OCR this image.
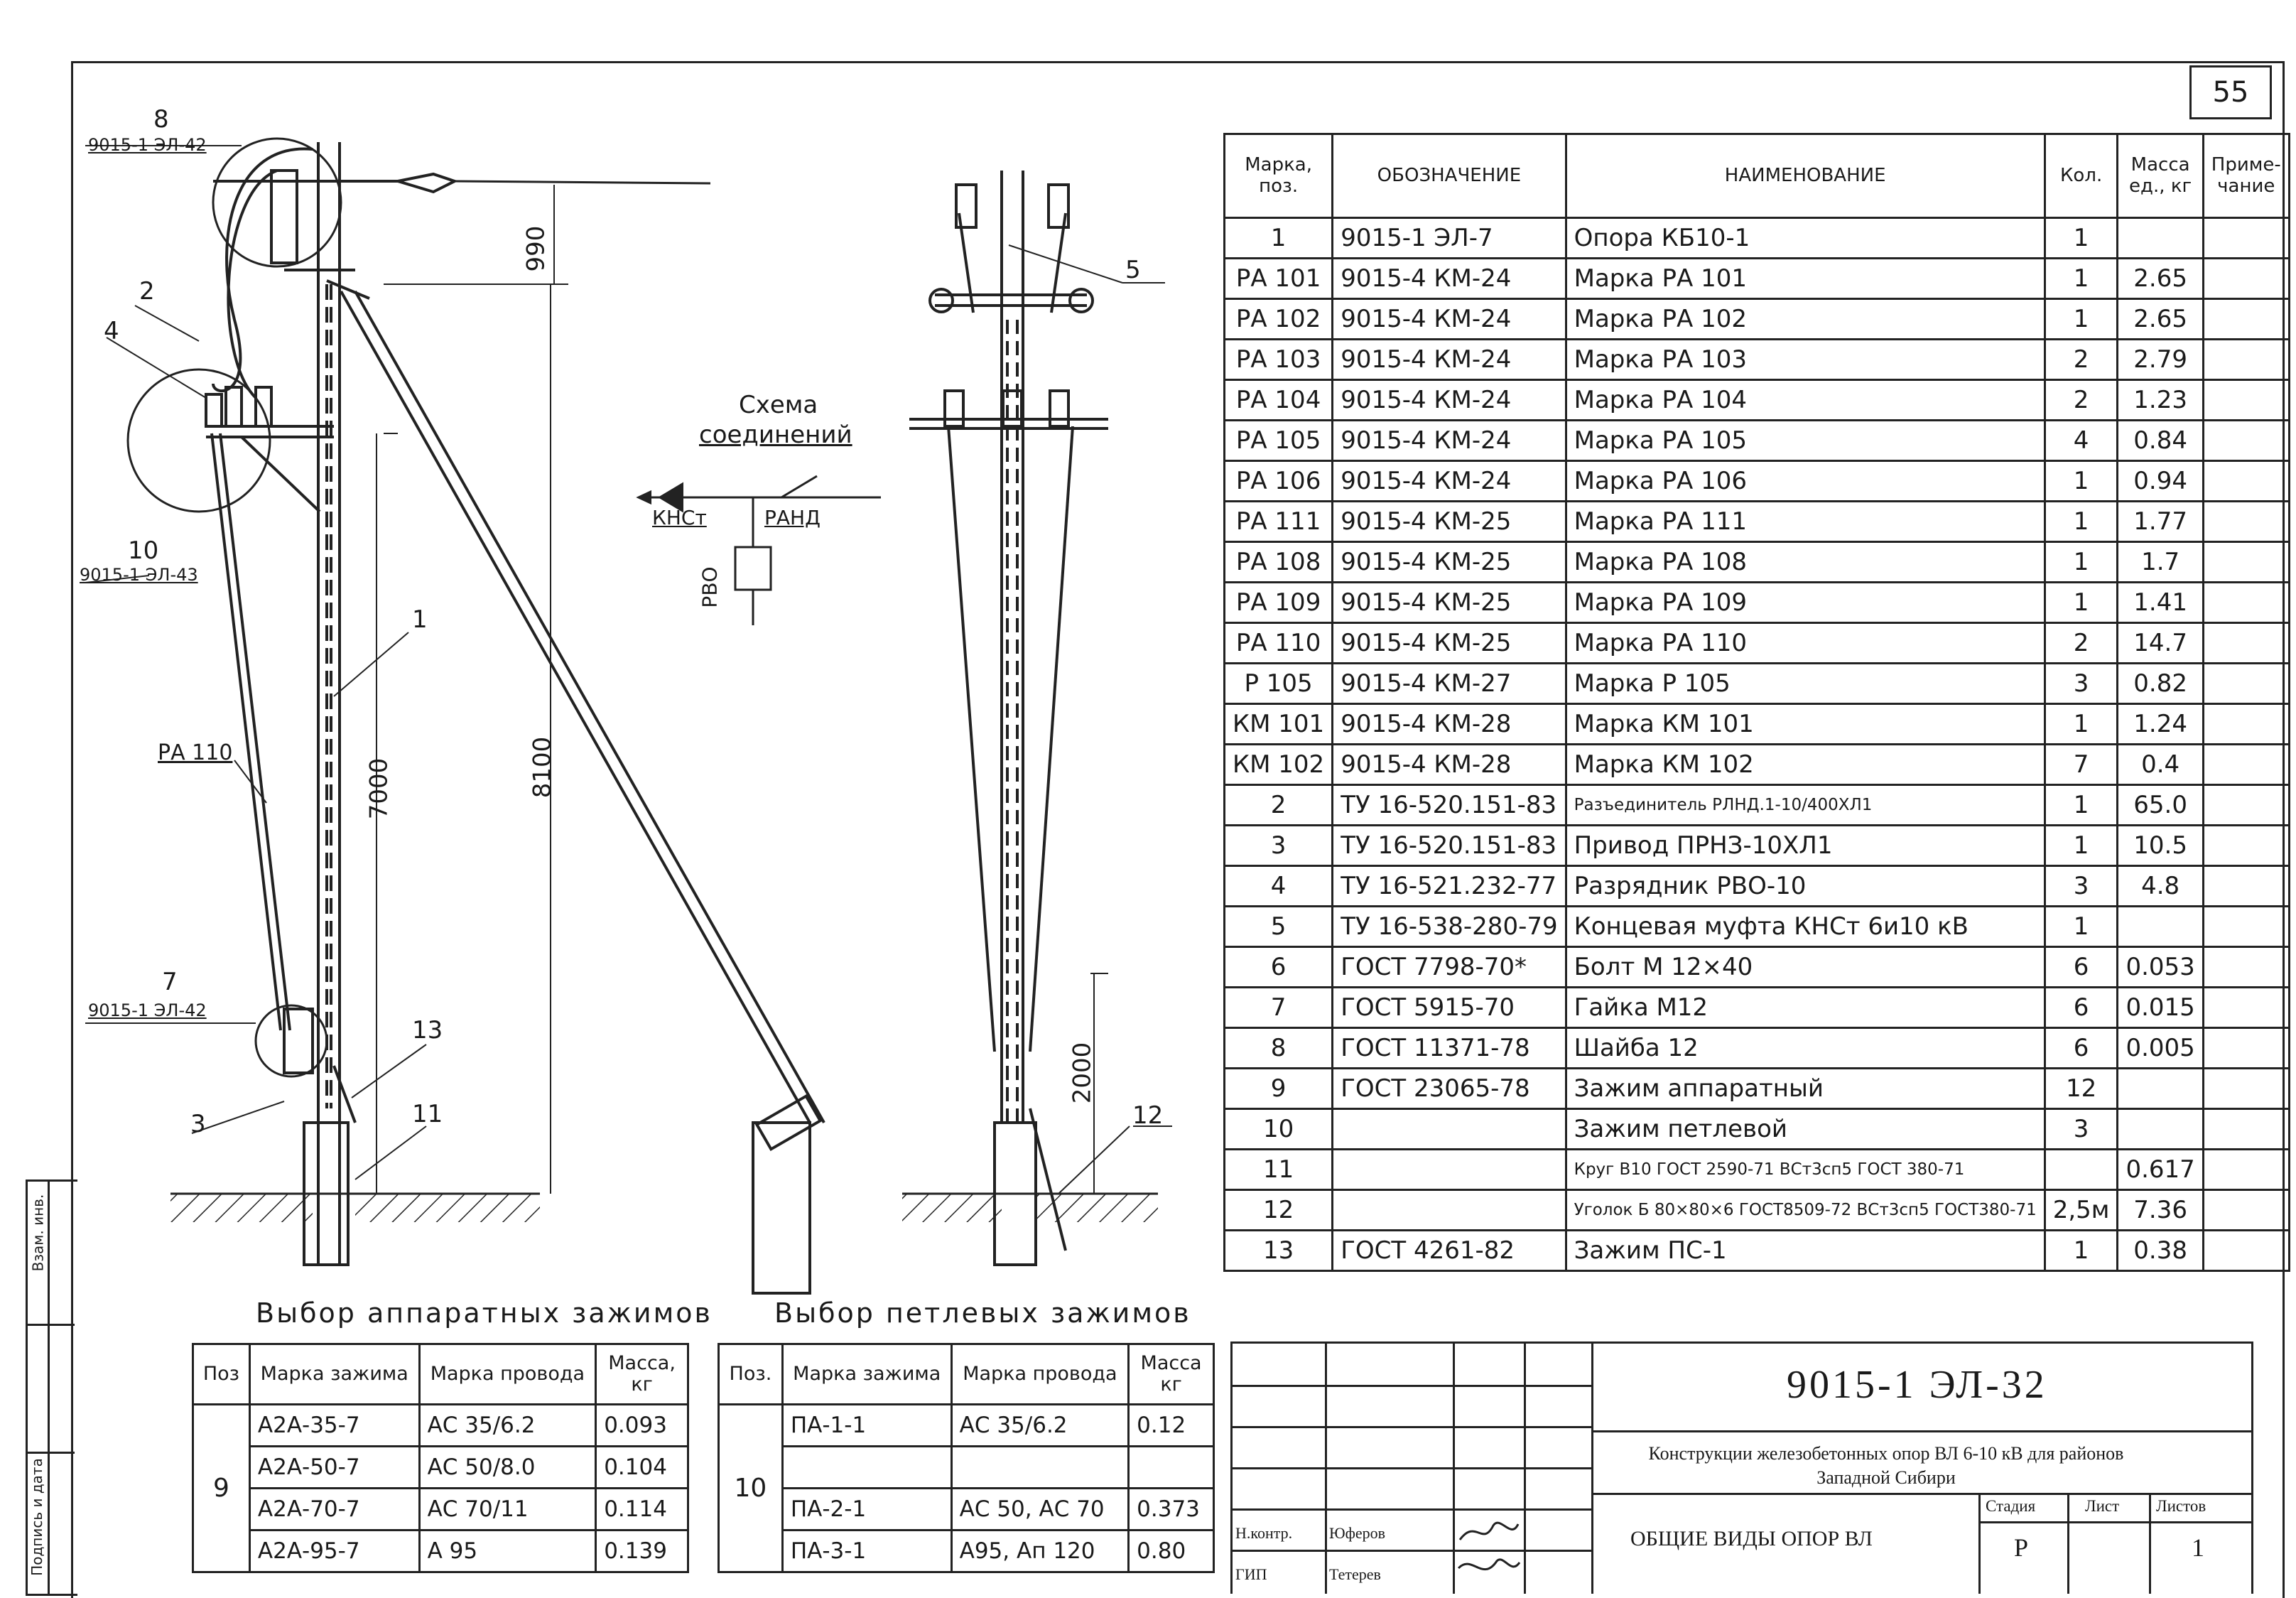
55
Подпись и дата
Взам. инв.
8
9015-1 ЭЛ-42
10
9015-1 ЭЛ-43
7
9015-1 ЭЛ-42
2
4
1
РА 110
13
3	11
5
12
990
7000	8100
2000
Схема
соединений
КНСт	РАНД
РВО
Марка, поз.	ОБОЗНАЧЕНИЕ	НАИМЕНОВАНИЕ	Кол.	Масса ед., кг	Приме- чание
1	9015-1 ЭЛ-7	Опора КБ10-1	1		
РА 101	9015-4 КМ-24	Марка РА 101	1	2.65	
РА 102	9015-4 КМ-24	Марка РА 102	1	2.65	
РА 103	9015-4 КМ-24	Марка РА 103	2	2.79	
РА 104	9015-4 КМ-24	Марка РА 104	2	1.23	
РА 105	9015-4 КМ-24	Марка РА 105	4	0.84	
РА 106	9015-4 КМ-24	Марка РА 106	1	0.94	
РА 111	9015-4 КМ-25	Марка РА 111	1	1.77	
РА 108	9015-4 КМ-25	Марка РА 108	1	1.7	
РА 109	9015-4 КМ-25	Марка РА 109	1	1.41	
РА 110	9015-4 КМ-25	Марка РА 110	2	14.7	
Р 105	9015-4 КМ-27	Марка Р 105	3	0.82	
КМ 101	9015-4 КМ-28	Марка КМ 101	1	1.24	
КМ 102	9015-4 КМ-28	Марка КМ 102	7	0.4	
2	ТУ 16-520.151-83	Разъединитель РЛНД.1-10/400ХЛ1	1	65.0	
3	ТУ 16-520.151-83	Привод ПРНЗ-10ХЛ1	1	10.5	
4	ТУ 16-521.232-77	Разрядник РВО-10	3	4.8	
5	ТУ 16-538-280-79	Концевая муфта КНСт 6и10 кВ	1		
6	ГОСТ 7798-70*	Болт М 12×40	6	0.053	
7	ГОСТ 5915-70	Гайка М12	6	0.015	
8	ГОСТ 11371-78	Шайба 12	6	0.005	
9	ГОСТ 23065-78	Зажим аппаратный	12		
10		Зажим петлевой	3		
11		Круг В10 ГОСТ 2590-71 ВСт3сп5 ГОСТ 380-71		0.617	
12		Уголок Б 80×80×6 ГОСТ8509-72 ВСт3сп5 ГОСТ380-71	2,5м	7.36	
13	ГОСТ 4261-82	Зажим ПС-1	1	0.38	
Выбор аппаратных зажимов
Поз	Марка зажима	Марка провода	Масса, кг
9	А2А-35-7	АС 35/6.2	0.093
	А2А-50-7	АС 50/8.0	0.104
	А2А-70-7	АС 70/11	0.114
	А2А-95-7	А 95	0.139
Выбор петлевых зажимов
Поз.	Марка зажима	Марка провода	Масса кг
10	ПА-1-1	АС 35/6.2	0.12

	ПА-2-1	АС 50, АС 70	0.373
	ПА-3-1	А95, Ап 120	0.80
Н.контр. Юферов
ГИП	Тетерев
9015-1 ЭЛ-32
Конструкции железобетонных опор ВЛ 6-10 кВ для районов Западной Сибири
ОБЩИЕ ВИДЫ ОПОР ВЛ
Стадия	Лист Листов
Р	1
